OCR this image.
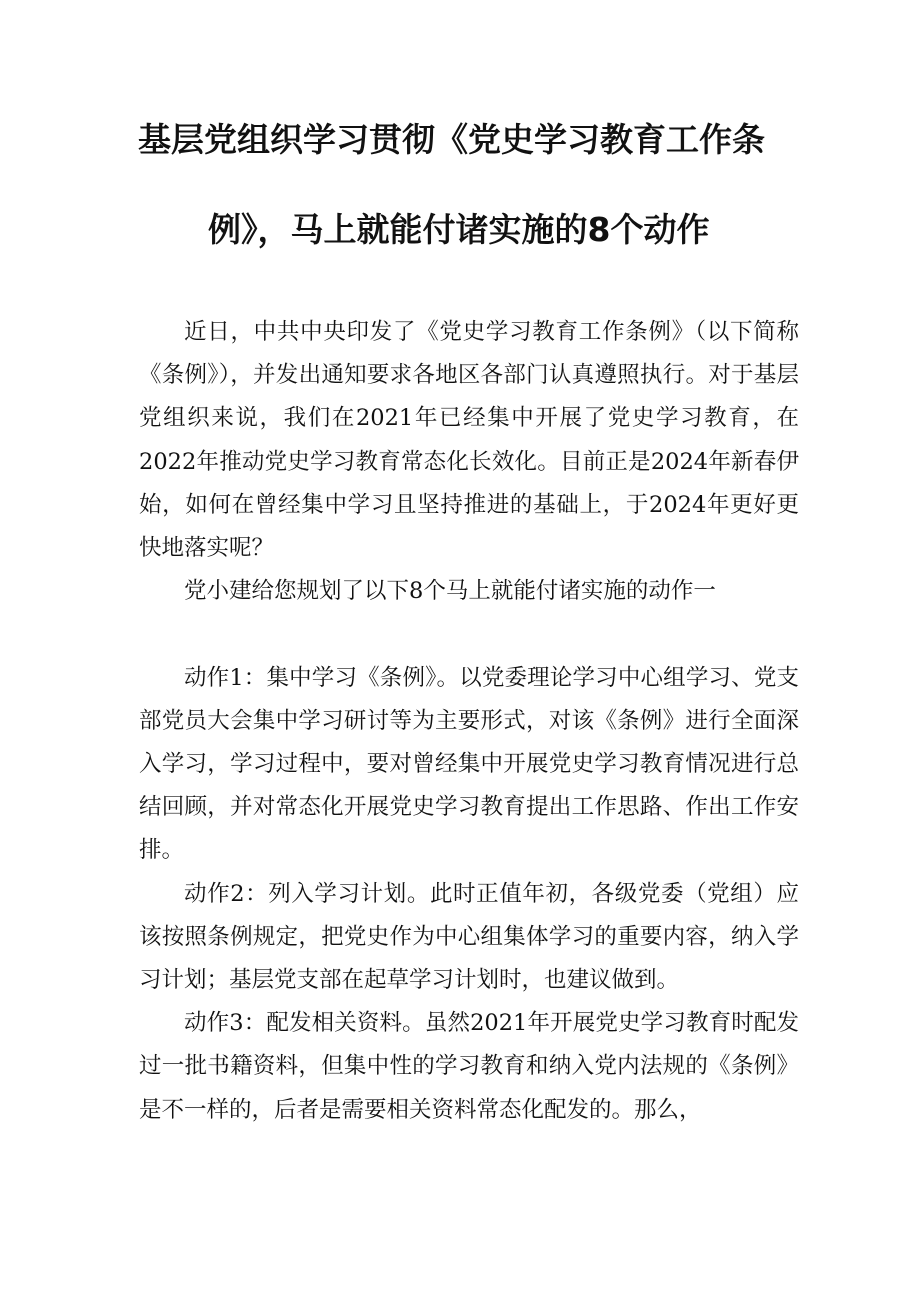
基层党组织学习贯彻《党史学习教育工作条
例》，马上就能付诸实施的8个动作

近日，中共中央印发了《党史学习教育工作条例》（以下简称《条例》），并发出通知要求各地区各部门认真遵照执行。对于基层党组织来说，我们在2021年已经集中开展了党史学习教育，在2022年推动党史学习教育常态化长效化。目前正是2024年新春伊始，如何在曾经集中学习且坚持推进的基础上，于2024年更好更快地落实呢？

党小建给您规划了以下8个马上就能付诸实施的动作一

动作1：集中学习《条例》。以党委理论学习中心组学习、党支部党员大会集中学习研讨等为主要形式，对该《条例》进行全面深入学习，学习过程中，要对曾经集中开展党史学习教育情况进行总结回顾，并对常态化开展党史学习教育提出工作思路、作出工作安排。

动作2：列入学习计划。此时正值年初，各级党委（党组）应该按照条例规定，把党史作为中心组集体学习的重要内容，纳入学习计划；基层党支部在起草学习计划时，也建议做到。

动作3：配发相关资料。虽然2021年开展党史学习教育时配发过一批书籍资料，但集中性的学习教育和纳入党内法规的《条例》是不一样的，后者是需要相关资料常态化配发的。那么，
